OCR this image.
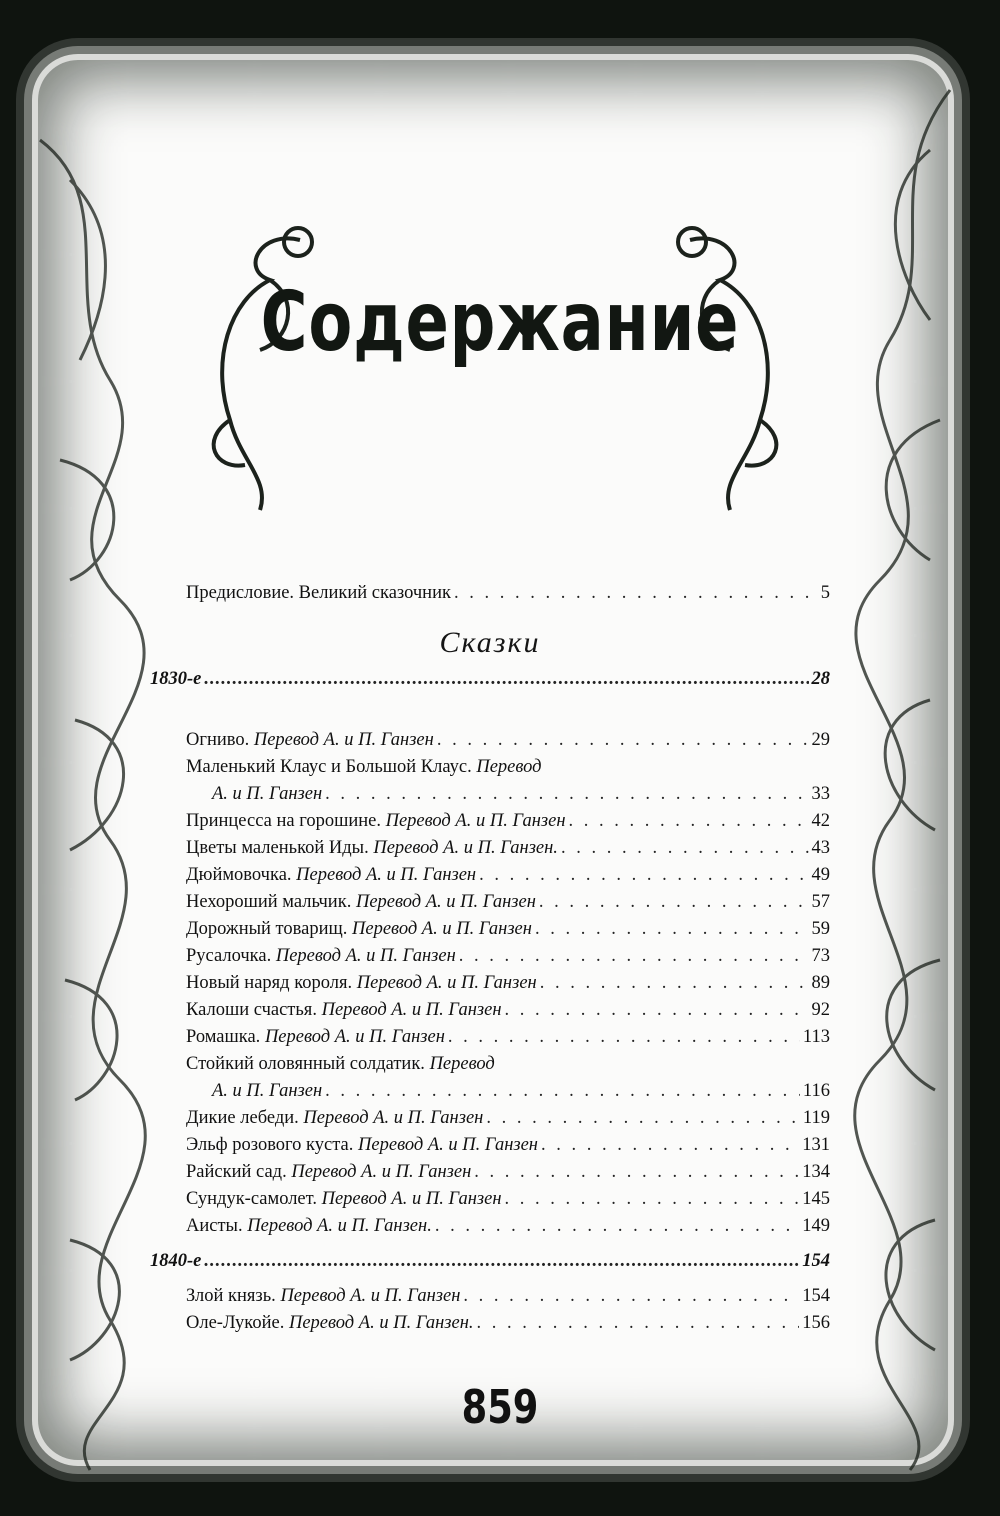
Содержание
Предисловие. Великий сказочник . . .	5
Сказки
1830-е .....	28
Огниво. Перевод А. и П. Ганзен . . .	29
Маленький Клаус и Большой Клаус. Перевод
А. и П. Ганзен . . .	33
Принцесса на горошине. Перевод А. и П. Ганзен . . .	42
Цветы маленькой Иды. Перевод А. и П. Ганзен. . . .	43
Дюймовочка. Перевод А. и П. Ганзен . . .	49
Нехороший мальчик. Перевод А. и П. Ганзен . . .	57
Дорожный товарищ. Перевод А. и П. Ганзен . . .	59
Русалочка. Перевод А. и П. Ганзен . . .	73
Новый наряд короля. Перевод А. и П. Ганзен . . .	89
Калоши счастья. Перевод А. и П. Ганзен . . .	92
Ромашка. Перевод А. и П. Ганзен . . .	113
Стойкий оловянный солдатик. Перевод
А. и П. Ганзен . . .	116
Дикие лебеди. Перевод А. и П. Ганзен . . .	119
Эльф розового куста. Перевод А. и П. Ганзен . . .	131
Райский сад. Перевод А. и П. Ганзен . . .	134
Сундук-самолет. Перевод А. и П. Ганзен . . .	145
Аисты. Перевод А. и П. Ганзен. . . .	149
1840-е .....	154
Злой князь. Перевод А. и П. Ганзен . . .	154
Оле-Лукойе. Перевод А. и П. Ганзен. . . .	156
859
